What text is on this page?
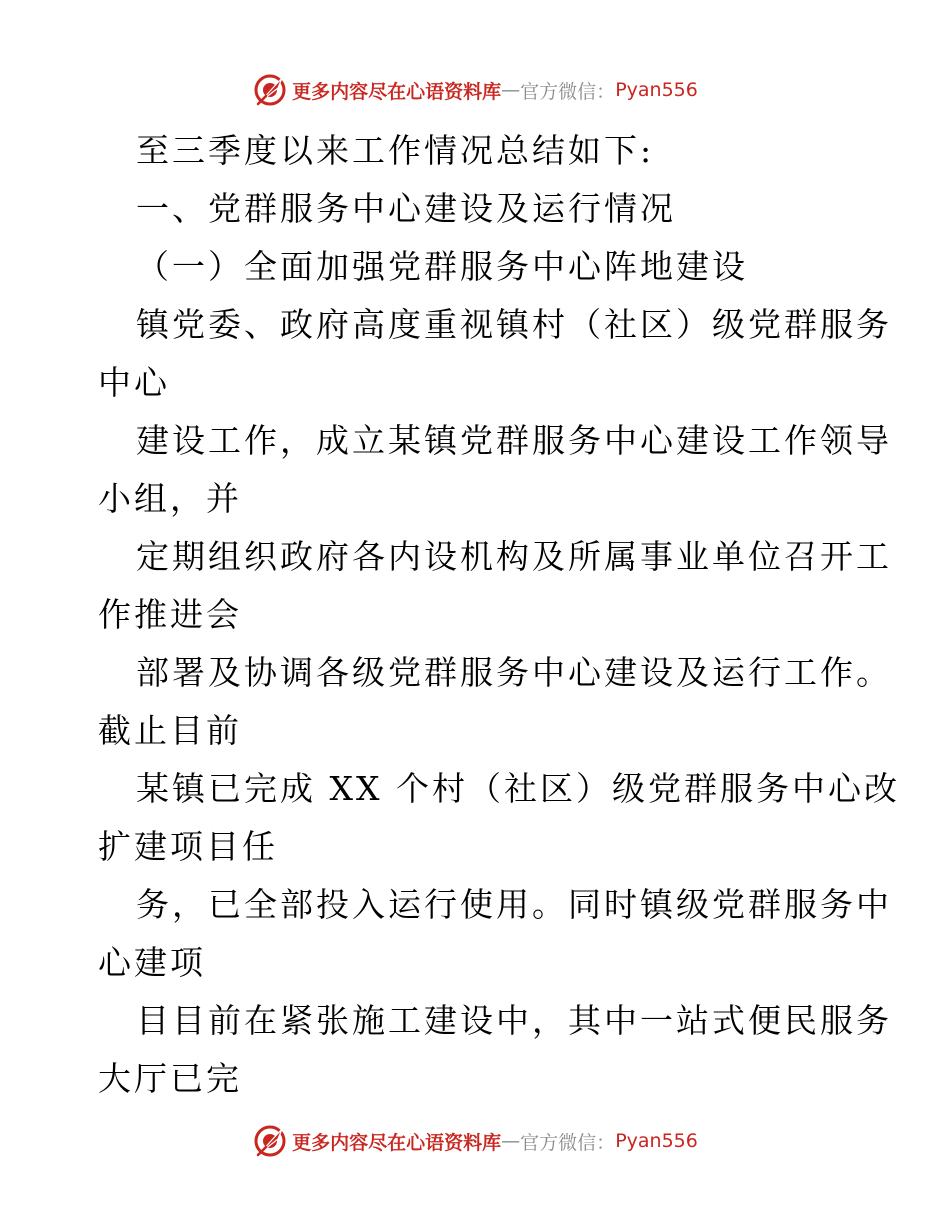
更多内容尽在心语资料库 — 官方微信： Pyan556
至三季度以来工作情况总结如下:
一、党群服务中心建设及运行情况
（一）全面加强党群服务中心阵地建设
镇党委、政府高度重视镇村（社区）级党群服务
中心
建设工作，成立某镇党群服务中心建设工作领导
小组，并
定期组织政府各内设机构及所属事业单位召开工
作推进会
部署及协调各级党群服务中心建设及运行工作。
截止目前
某镇已完成 XX 个村（社区）级党群服务中心改
扩建项目任
务，已全部投入运行使用。同时镇级党群服务中
心建项
目目前在紧张施工建设中，其中一站式便民服务
大厅已完
更多内容尽在心语资料库 — 官方微信： Pyan556
